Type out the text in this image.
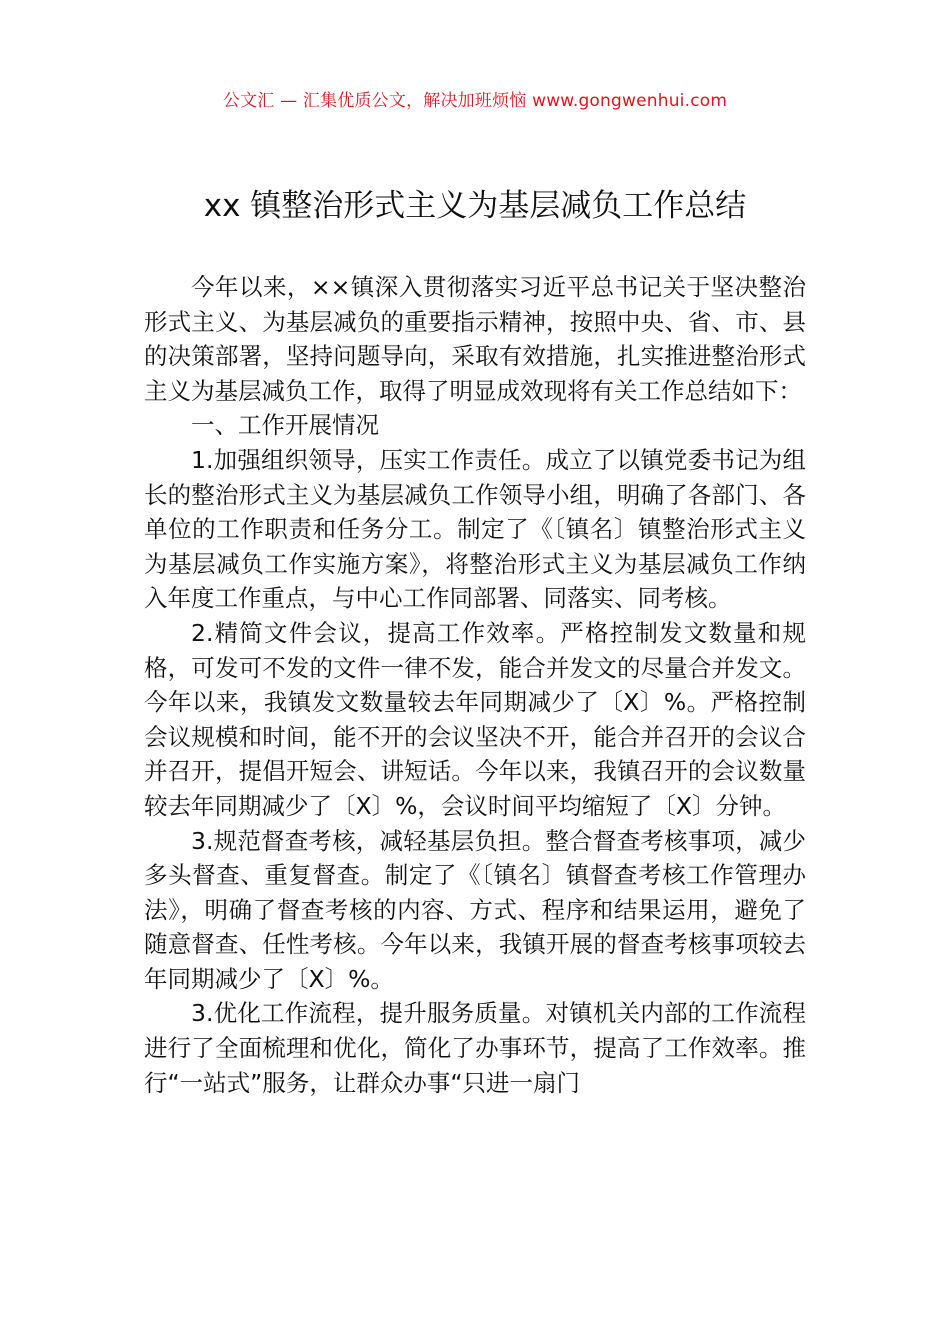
公文汇 — 汇集优质公文，解决加班烦恼 www.gongwenhui.com
xx 镇整治形式主义为基层减负工作总结

今年以来，××镇深入贯彻落实习近平总书记关于坚决整治形式主义、为基层减负的重要指示精神，按照中央、省、市、县的决策部署，坚持问题导向，采取有效措施，扎实推进整治形式主义为基层减负工作，取得了明显成效现将有关工作总结如下：

一、工作开展情况

1.加强组织领导，压实工作责任。成立了以镇党委书记为组长的整治形式主义为基层减负工作领导小组，明确了各部门、各单位的工作职责和任务分工。制定了《〔镇名〕镇整治形式主义为基层减负工作实施方案》，将整治形式主义为基层减负工作纳入年度工作重点，与中心工作同部署、同落实、同考核。

2.精简文件会议，提高工作效率。严格控制发文数量和规格，可发可不发的文件一律不发，能合并发文的尽量合并发文。今年以来，我镇发文数量较去年同期减少了〔X〕%。严格控制会议规模和时间，能不开的会议坚决不开，能合并召开的会议合并召开，提倡开短会、讲短话。今年以来，我镇召开的会议数量较去年同期减少了〔X〕%，会议时间平均缩短了〔X〕分钟。

3.规范督查考核，减轻基层负担。整合督查考核事项，减少多头督查、重复督查。制定了《〔镇名〕镇督查考核工作管理办法》，明确了督查考核的内容、方式、程序和结果运用，避免了随意督查、任性考核。今年以来，我镇开展的督查考核事项较去年同期减少了〔X〕%。

3.优化工作流程，提升服务质量。对镇机关内部的工作流程进行了全面梳理和优化，简化了办事环节，提高了工作效率。推行“一站式”服务，让群众办事“只进一扇门
